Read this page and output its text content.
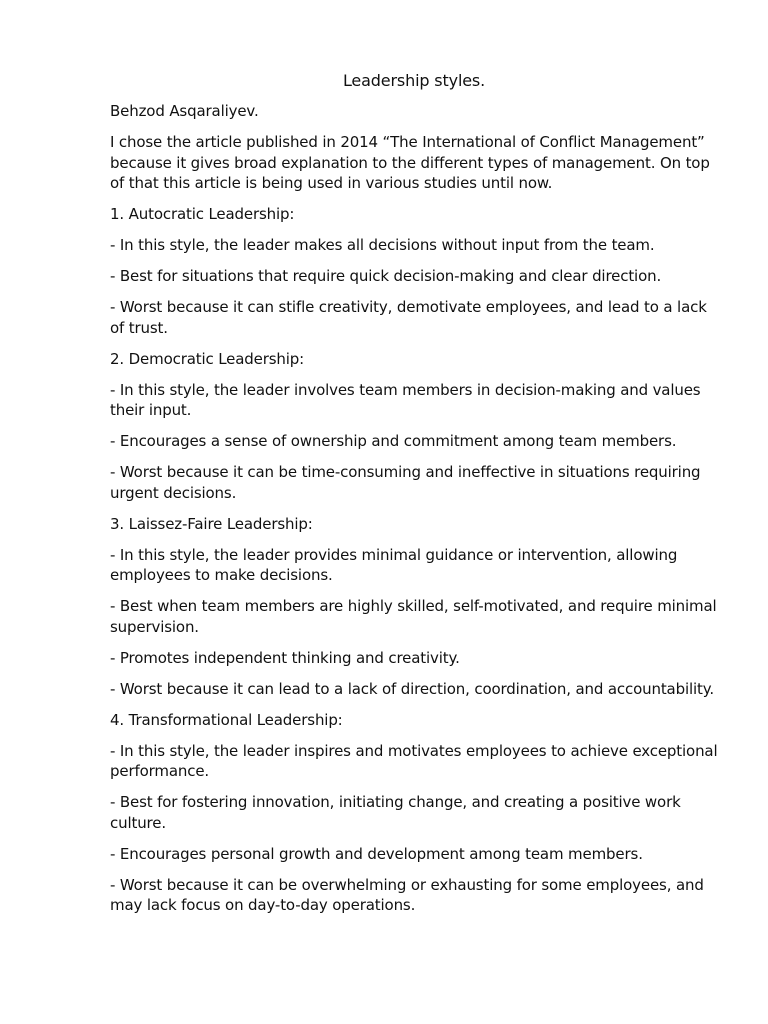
Leadership styles.
Behzod Asqaraliyev.
I chose the article published in 2014 “The International of Conflict Management” because it gives broad explanation to the different types of management. On top of that this article is being used in various studies until now.
1. Autocratic Leadership:
- In this style, the leader makes all decisions without input from the team.
- Best for situations that require quick decision-making and clear direction.
- Worst because it can stifle creativity, demotivate employees, and lead to a lack of trust.
2. Democratic Leadership:
- In this style, the leader involves team members in decision-making and values their input.
- Encourages a sense of ownership and commitment among team members.
- Worst because it can be time-consuming and ineffective in situations requiring urgent decisions.
3. Laissez-Faire Leadership:
- In this style, the leader provides minimal guidance or intervention, allowing employees to make decisions.
- Best when team members are highly skilled, self-motivated, and require minimal supervision.
- Promotes independent thinking and creativity.
- Worst because it can lead to a lack of direction, coordination, and accountability.
4. Transformational Leadership:
- In this style, the leader inspires and motivates employees to achieve exceptional performance.
- Best for fostering innovation, initiating change, and creating a positive work culture.
- Encourages personal growth and development among team members.
- Worst because it can be overwhelming or exhausting for some employees, and may lack focus on day-to-day operations.
